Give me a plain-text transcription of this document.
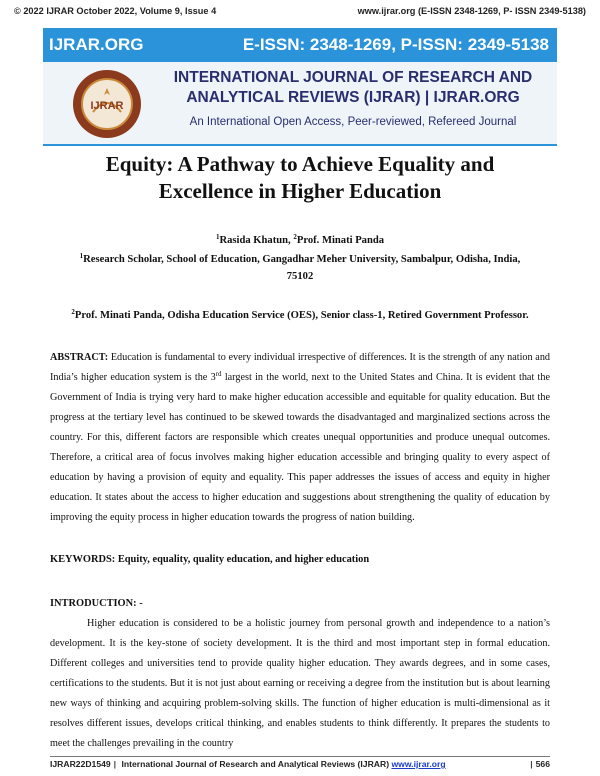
© 2022 IJRAR October 2022, Volume 9, Issue 4	www.ijrar.org (E-ISSN 2348-1269, P- ISSN 2349-5138)
IJRAR.ORG	E-ISSN: 2348-1269, P-ISSN: 2349-5138
IJRAR
INTERNATIONAL JOURNAL OF RESEARCH AND
ANALYTICAL REVIEWS (IJRAR) | IJRAR.ORG
An International Open Access, Peer-reviewed, Refereed Journal
Equity: A Pathway to Achieve Equality and
Excellence in Higher Education
$^1$Rasida Khatun, $^2$Prof. Minati Panda
$^1$Research Scholar, School of Education, Gangadhar Meher University, Sambalpur, Odisha, India,
75102
$^2$Prof. Minati Panda, Odisha Education Service (OES), Senior class-1, Retired Government Professor.
ABSTRACT: Education is fundamental to every individual irrespective of differences. It is the strength of any nation and India’s higher education system is the 3rd largest in the world, next to the United States and China. It is evident that the Government of India is trying very hard to make higher education accessible and equitable for quality education. But the progress at the tertiary level has continued to be skewed towards the disadvantaged and marginalized sections across the country. For this, different factors are responsible which creates unequal opportunities and produce unequal outcomes. Therefore, a critical area of focus involves making higher education accessible and bringing quality to every aspect of education by having a provision of equity and equality. This paper addresses the issues of access and equity in higher education. It states about the access to higher education and suggestions about strengthening the quality of education by improving the equity process in higher education towards the progress of nation building.
KEYWORDS: Equity, equality, quality education, and higher education
INTRODUCTION: -
Higher education is considered to be a holistic journey from personal growth and independence to a nation’s development. It is the key-stone of society development. It is the third and most important step in formal education. Different colleges and universities tend to provide quality higher education. They awards degrees, and in some cases, certifications to the students. But it is not just about earning or receiving a degree from the institution but is about learning new ways of thinking and acquiring problem-solving skills. The function of higher education is multi-dimensional as it resolves different issues, develops critical thinking, and enables students to think differently. It prepares the students to meet the challenges prevailing in the country
IJRAR22D1549 | International Journal of Research and Analytical Reviews (IJRAR) www.ijrar.org	| 566
